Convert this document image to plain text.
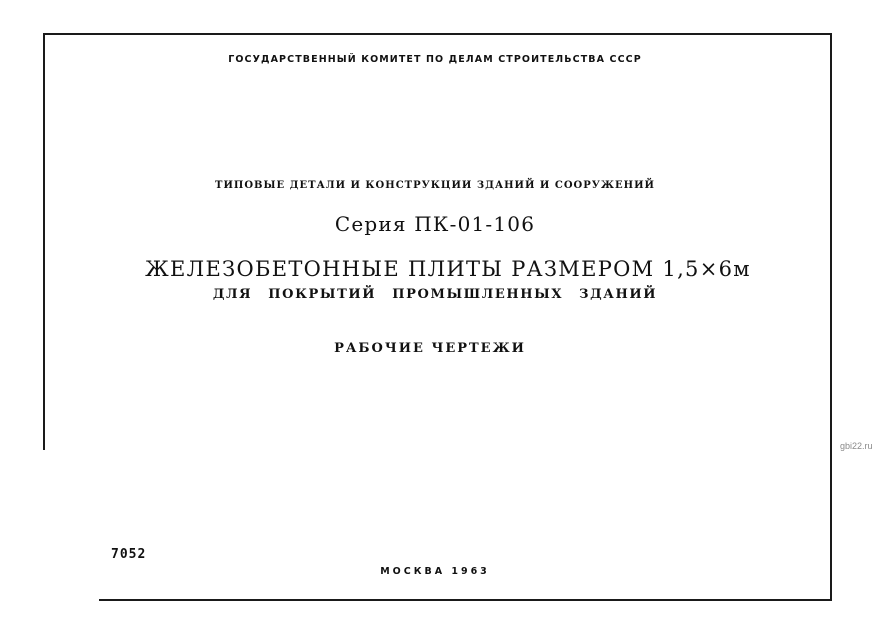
ГОСУДАРСТВЕННЫЙ КОМИТЕТ ПО ДЕЛАМ СТРОИТЕЛЬСТВА СССР
ТИПОВЫЕ ДЕТАЛИ И КОНСТРУКЦИИ ЗДАНИЙ И СООРУЖЕНИЙ
Серия ПК-01-106
ЖЕЛЕЗОБЕТОННЫЕ ПЛИТЫ РАЗМЕРОМ 1,5×6м
ДЛЯ ПОКРЫТИЙ ПРОМЫШЛЕННЫХ ЗДАНИЙ
РАБОЧИЕ ЧЕРТЕЖИ
7052
МОСКВА 1963
gbi22.ru
